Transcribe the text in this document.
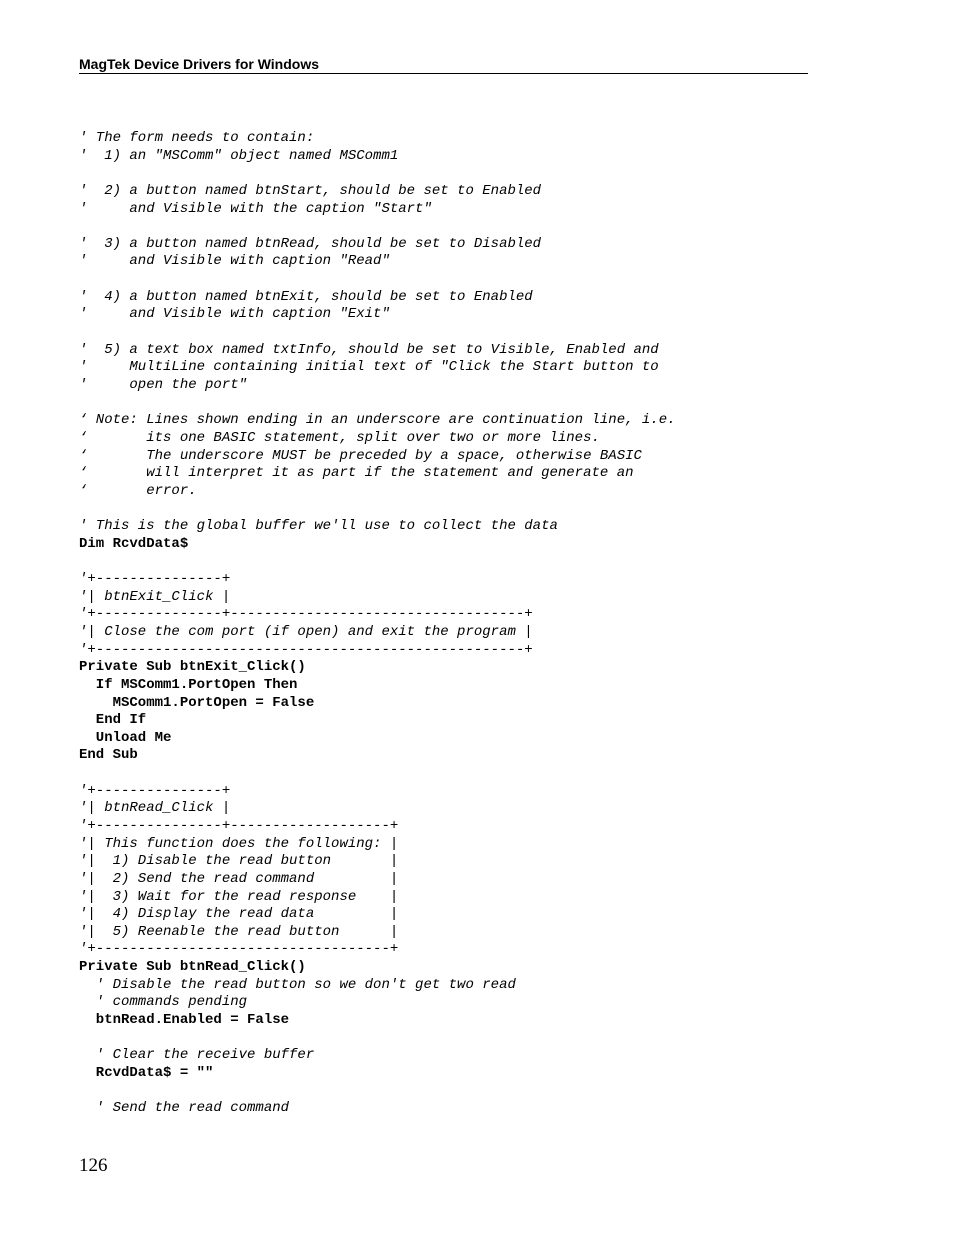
MagTek Device Drivers for Windows
' The form needs to contain:
'  1) an "MSComm" object named MSComm1
'  2) a button named btnStart, should be set to Enabled
'     and Visible with the caption "Start"
'  3) a button named btnRead, should be set to Disabled
'     and Visible with caption "Read"
'  4) a button named btnExit, should be set to Enabled
'     and Visible with caption "Exit"
'  5) a text box named txtInfo, should be set to Visible, Enabled and
'     MultiLine containing initial text of "Click the Start button to
'     open the port"
‘ Note: Lines shown ending in an underscore are continuation line, i.e.
‘       its one BASIC statement, split over two or more lines.
‘       The underscore MUST be preceded by a space, otherwise BASIC
‘       will interpret it as part if the statement and generate an
‘       error.
' This is the global buffer we'll use to collect the data
Dim RcvdData$
'+---------------+
'| btnExit_Click |
'+---------------+-----------------------------------+
'| Close the com port (if open) and exit the program |
'+---------------------------------------------------+
Private Sub btnExit_Click()
If MSComm1.PortOpen Then
MSComm1.PortOpen = False
End If
Unload Me
End Sub
'+---------------+
'| btnRead_Click |
'+---------------+-------------------+
'| This function does the following: |
'|  1) Disable the read button       |
'|  2) Send the read command         |
'|  3) Wait for the read response    |
'|  4) Display the read data         |
'|  5) Reenable the read button      |
'+-----------------------------------+
Private Sub btnRead_Click()
' Disable the read button so we don't get two read
' commands pending
btnRead.Enabled = False
' Clear the receive buffer
RcvdData$ = ""
' Send the read command
126
